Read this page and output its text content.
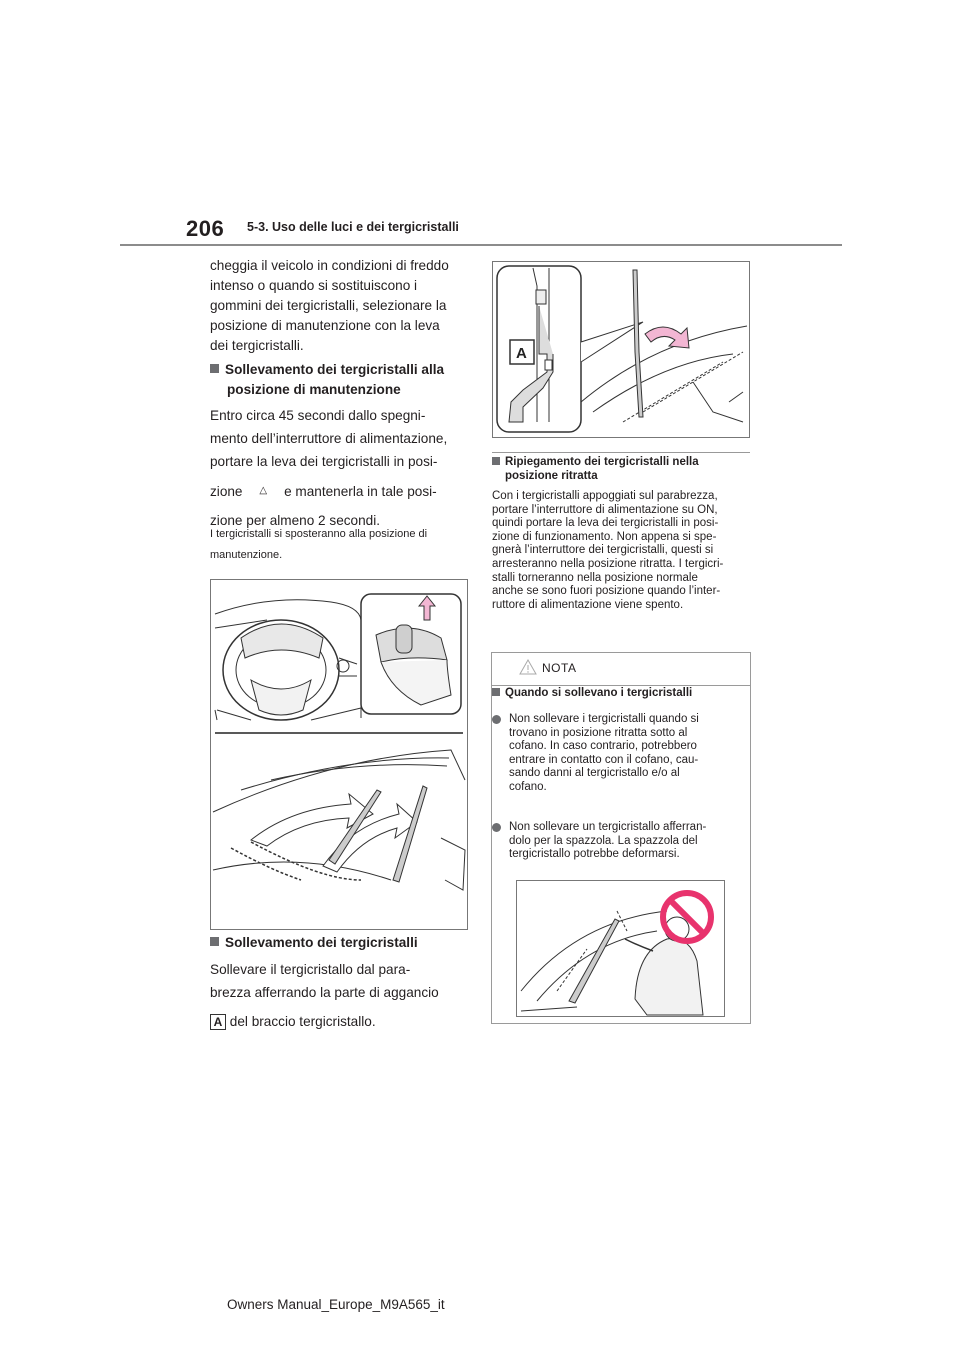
206 5-3. Uso delle luci e dei tergicristalli
cheggia il veicolo in condizioni di freddo
intenso o quando si sostituiscono i
gommini dei tergicristalli, selezionare la
posizione di manutenzione con la leva
dei tergicristalli.
Sollevamento dei tergicristalli alla
posizione di manutenzione
Entro circa 45 secondi dallo spegni-
mento dell’interruttore di alimentazione,
portare la leva dei tergicristalli in posi-
zione △ e mantenerla in tale posi-
zione per almeno 2 secondi.
I tergicristalli si sposteranno alla posizione di
manutenzione.
Sollevamento dei tergicristalli
Sollevare il tergicristallo dal para-
brezza afferrando la parte di aggancio
A del braccio tergicristallo.
A
Ripiegamento dei tergicristalli nella
posizione ritratta
Con i tergicristalli appoggiati sul parabrezza,
portare l’interruttore di alimentazione su ON,
quindi portare la leva dei tergicristalli in posi-
zione di funzionamento. Non appena si spe-
gnerà l’interruttore dei tergicristalli, questi si
arresteranno nella posizione ritratta. I tergicri-
stalli torneranno nella posizione normale
anche se sono fuori posizione quando l’inter-
ruttore di alimentazione viene spento.
NOTA
Quando si sollevano i tergicristalli
Non sollevare i tergicristalli quando si
trovano in posizione ritratta sotto al
cofano. In caso contrario, potrebbero
entrare in contatto con il cofano, cau-
sando danni al tergicristallo e/o al
cofano.
Non sollevare un tergicristallo afferran-
dolo per la spazzola. La spazzola del
tergicristallo potrebbe deformarsi.
Owners Manual_Europe_M9A565_it
